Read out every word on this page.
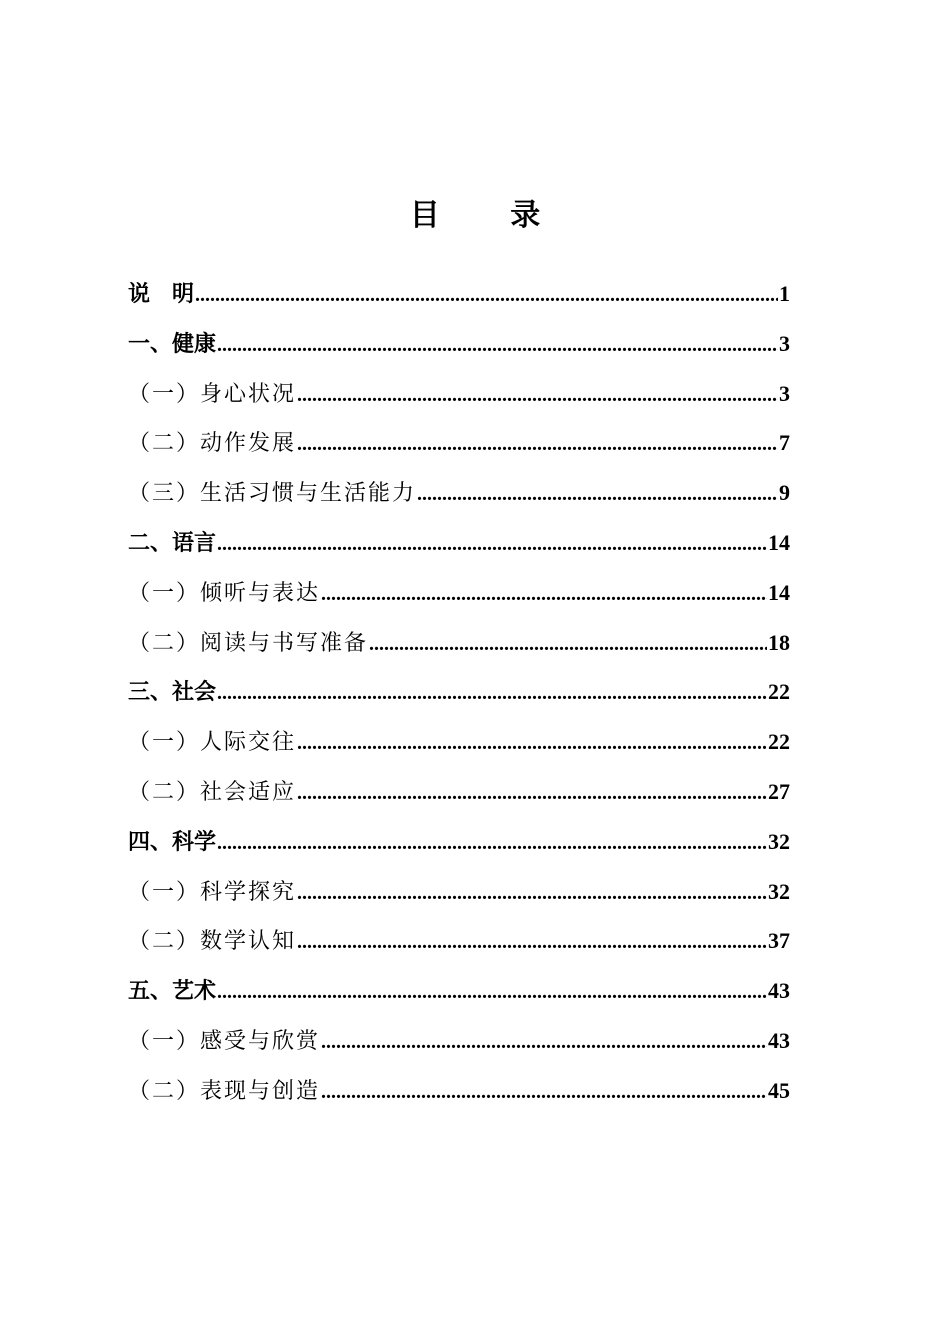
目 录
说　明 .....	1
一、健康 .....	3
（一）身心状况 .....	3
（二）动作发展 .....	7
（三）生活习惯与生活能力 .....	9
二、语言 .....	14
（一）倾听与表达 .....	14
（二）阅读与书写准备 .....	18
三、社会 .....	22
（一）人际交往 .....	22
（二）社会适应 .....	27
四、科学 .....	32
（一）科学探究 .....	32
（二）数学认知 .....	37
五、艺术 .....	43
（一）感受与欣赏 .....	43
（二）表现与创造 .....	45
